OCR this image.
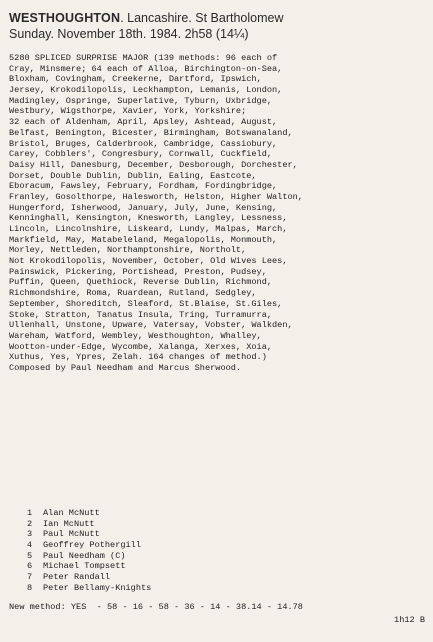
WESTHOUGHTON. Lancashire. St Bartholomew
Sunday. November 18th. 1984. 2h58 (14¼)
5280 SPLICED SURPRISE MAJOR (139 methods: 96 each of
Cray, Minsmere; 64 each of Alloa, Birchington-on-Sea,
Bloxham, Covingham, Creekerne, Dartford, Ipswich,
Jersey, Krokodilopolis, Leckhampton, Lemanis, London,
Madingley, Ospringe, Superlative, Tyburn, Uxbridge,
Westbury, Wigsthorpe, Xavier, York, Yorkshire;
32 each of Aldenham, April, Apsley, Ashtead, August,
Belfast, Benington, Bicester, Birmingham, Botswanaland,
Bristol, Bruges, Calderbrook, Cambridge, Cassiobury,
Carey, Cobblers', Congresbury, Cornwall, Cuckfield,
Daisy Hill, Danesburg, December, Desborough, Dorchester,
Dorset, Double Dublin, Dublin, Ealing, Eastcote,
Eboracum, Fawsley, February, Fordham, Fordingbridge,
Franley, Gosolthorpe, Halesworth, Helston, Higher Walton,
Hungerford, Isherwood, January, July, June, Kensing,
Kenninghall, Kensington, Knesworth, Langley, Lessness,
Lincoln, Lincolnshire, Liskeard, Lundy, Malpas, March,
Markfield, May, Matabeleland, Megalopolis, Monmouth,
Morley, Nettleden, Northamptonshire, Northolt,
Not Krokodilopolis, November, October, Old Wives Lees,
Painswick, Pickering, Portishead, Preston, Pudsey,
Puffin, Queen, Quethiock, Reverse Dublin, Richmond,
Richmondshire, Roma, Ruardean, Rutland, Sedgley,
September, Shoreditch, Sleaford, St.Blaise, St.Giles,
Stoke, Stratton, Tanatus Insula, Tring, Turramurra,
Ullenhall, Unstone, Upware, Vatersay, Vobster, Walkden,
Wareham, Watford, Wembley, Westhoughton, Whalley,
Wootton-under-Edge, Wycombe, Xalanga, Xerxes, Xoia,
Xuthus, Yes, Ypres, Zelah. 164 changes of method.)
Composed by Paul Needham and Marcus Sherwood.
1 Alan McNutt
2 Ian McNutt
3 Paul McNutt
4 Geoffrey Pothergill
5 Paul Needham (C)
6 Michael Tompsett
7 Peter Randall
8 Peter Bellamy-Knights
New method: YES  - 58 - 16 - 58 - 36 - 14 - 38.14 - 14.78
1h12 B
